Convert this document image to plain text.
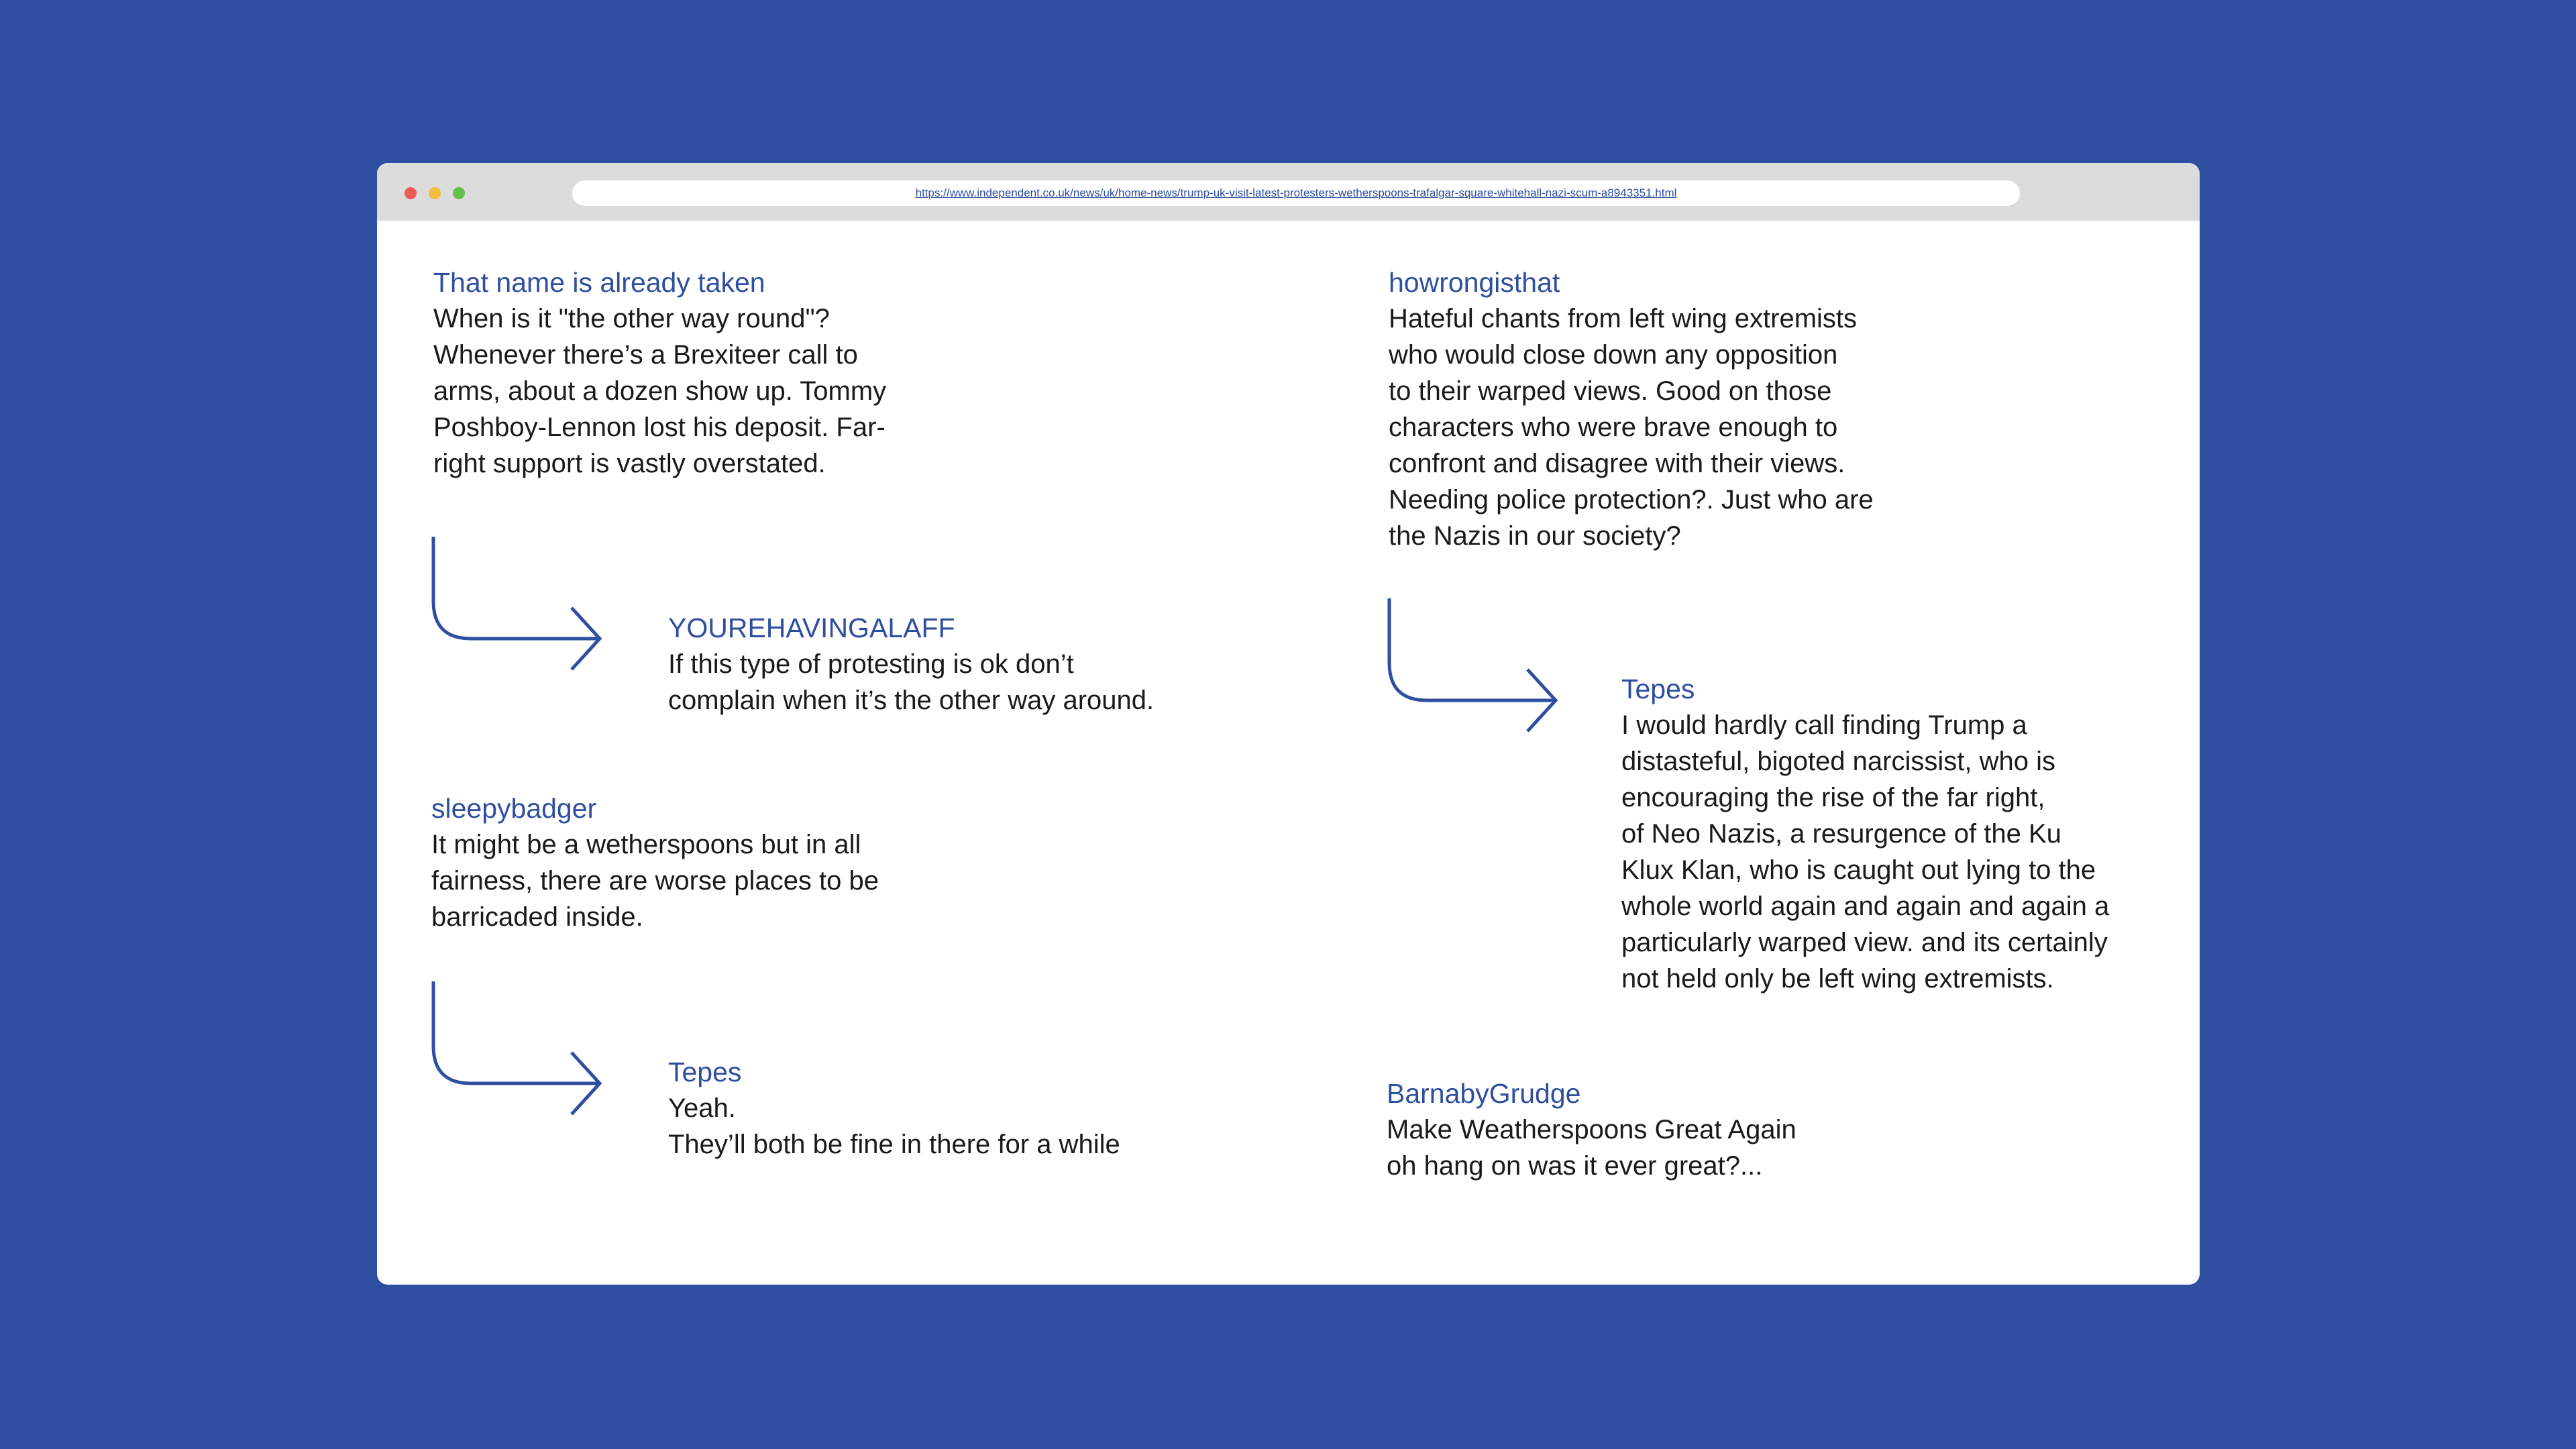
https://www.independent.co.uk/news/uk/home-news/trump-uk-visit-latest-protesters-wetherspoons-trafalgar-square-whitehall-nazi-scum-a8943351.html
That name is already taken
When is it "the other way round"?
Whenever there’s a Brexiteer call to
arms, about a dozen show up. Tommy
Poshboy-Lennon lost his deposit. Far-
right support is vastly overstated.
YOUREHAVINGALAFF
If this type of protesting is ok don’t
complain when it’s the other way around.
sleepybadger
It might be a wetherspoons but in all
fairness, there are worse places to be
barricaded inside.
Tepes
Yeah.
They’ll both be fine in there for a while
howrongisthat
Hateful chants from left wing extremists
who would close down any opposition
to their warped views. Good on those
characters who were brave enough to
confront and disagree with their views.
Needing police protection?. Just who are
the Nazis in our society?
Tepes
I would hardly call finding Trump a
distasteful, bigoted narcissist, who is
encouraging the rise of the far right,
of Neo Nazis, a resurgence of the Ku
Klux Klan, who is caught out lying to the
whole world again and again and again a
particularly warped view. and its certainly
not held only be left wing extremists.
BarnabyGrudge
Make Weatherspoons Great Again
oh hang on was it ever great?...
